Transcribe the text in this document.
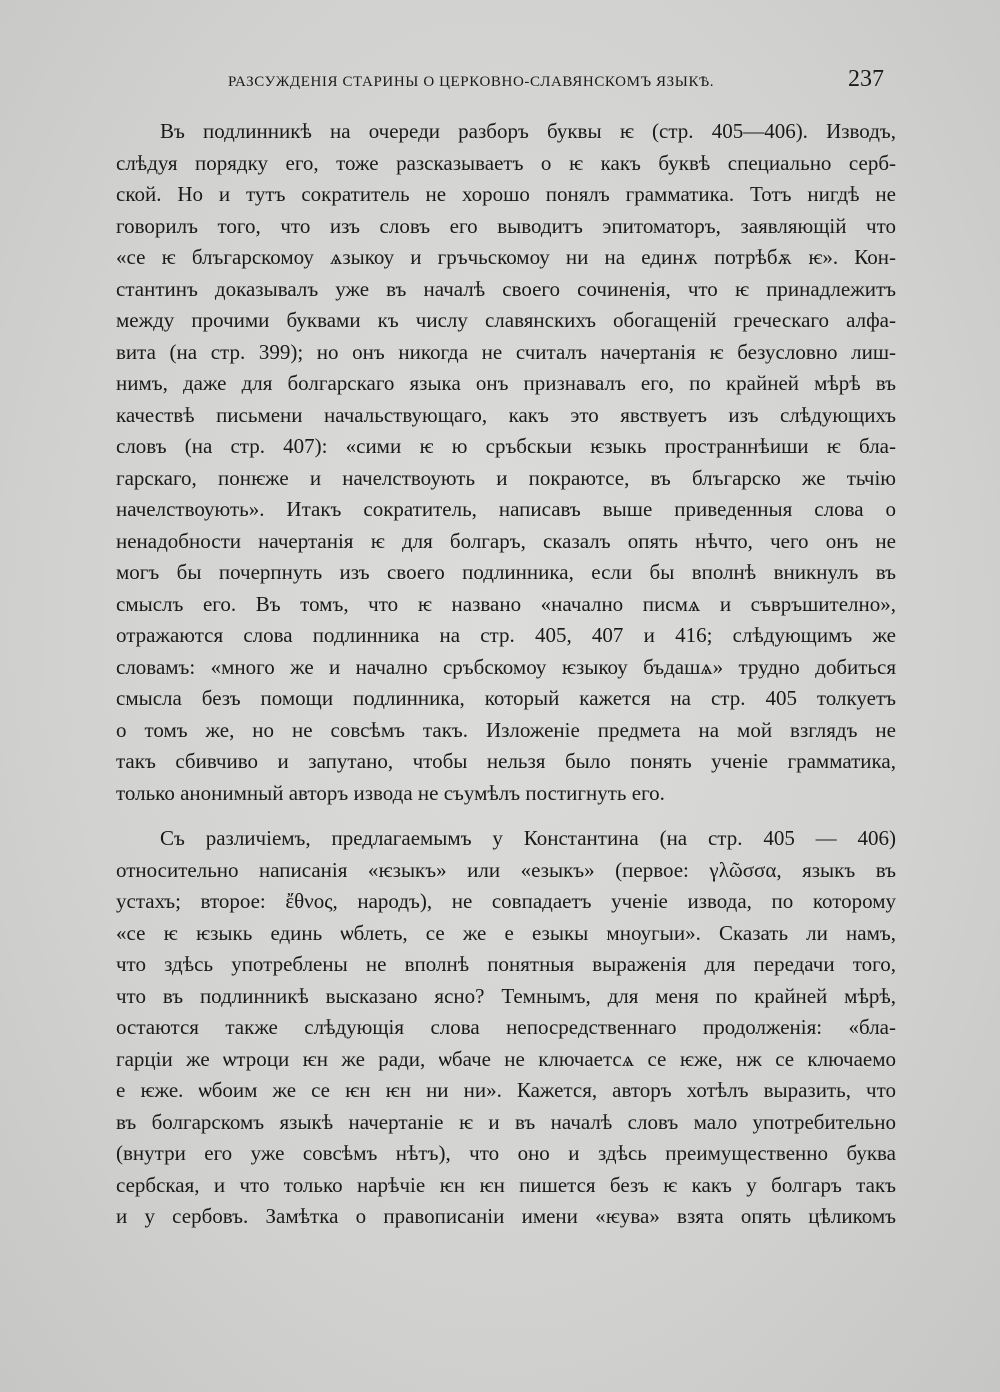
РАЗСУЖДЕНІЯ СТАРИНЫ О ЦЕРКОВНО-СЛАВЯНСКОМЪ ЯЗЫКѢ.	237
Въ подлинникѣ на очереди разборъ буквы ѥ (стр. 405—406). Изводъ,
слѣдуя порядку его, тоже разсказываетъ о ѥ какъ буквѣ специально серб-
ской. Но и тутъ сократитель не хорошо понялъ грамматика. Тотъ нигдѣ не
говорилъ того, что изъ словъ его выводитъ эпитоматоръ, заявляющій что
«се ѥ блъгарскомоу ѧзыкоу и гръчьскомоу ни на единѫ потрѣбѫ ѥ». Кон-
стантинъ доказывалъ уже въ началѣ своего сочиненія, что ѥ принадлежитъ
между прочими буквами къ числу славянскихъ обогащеній греческаго алфа-
вита (на стр. 399); но онъ никогда не считалъ начертанія ѥ безусловно лиш-
нимъ, даже для болгарскаго языка онъ признавалъ его, по крайней мѣрѣ въ
качествѣ письмени начальствующаго, какъ это явствуетъ изъ слѣдующихъ
словъ (на стр. 407): «сими ѥ ю сръбскыи ѥзыкь пространнѣиши ѥ бла-
гарскаго, понѥже и начелствоують и покраютсе, въ блъгарско же тьчію
начелствоують». Итакъ сократитель, написавъ выше приведенныя слова о
ненадобности начертанія ѥ для болгаръ, сказалъ опять нѣчто, чего онъ не
могъ бы почерпнуть изъ своего подлинника, если бы вполнѣ вникнулъ въ
смыслъ его. Въ томъ, что ѥ названо «начално писмѧ и съвръшително»,
отражаются слова подлинника на стр. 405, 407 и 416; слѣдующимъ же
словамъ: «много же и начално сръбскомоу ѥзыкоу бъдашѧ» трудно добиться
смысла безъ помощи подлинника, который кажется на стр. 405 толкуетъ
о томъ же, но не совсѣмъ такъ. Изложеніе предмета на мой взглядъ не
такъ сбивчиво и запутано, чтобы нельзя было понять ученіе грамматика,
только анонимный авторъ извода не съумѣлъ постигнуть его.
Съ различіемъ, предлагаемымъ у Константина (на стр. 405 — 406)
относительно написанія «ѥзыкъ» или «езыкъ» (первое: γλῶσσα, языкъ въ
устахъ; второе: ἔθνος, народъ), не совпадаетъ ученіе извода, по которому
«се ѥ ѥзыкь единь ѡблеть, се же е езыкы мноугыи». Сказать ли намъ,
что здѣсь употреблены не вполнѣ понятныя выраженія для передачи того,
что въ подлинникѣ высказано ясно? Темнымъ, для меня по крайней мѣрѣ,
остаются также слѣдующія слова непосредственнаго продолженія: «бла-
гарціи же ѡтроци ѥн же ради, ѡбаче не ключаетсѧ се ѥже, нж се ключаемо
е ѥже. ѡбоим же се ѥн ѥн ни ни». Кажется, авторъ хотѣлъ выразить, что
въ болгарскомъ языкѣ начертаніе ѥ и въ началѣ словъ мало употребительно
(внутри его уже совсѣмъ нѣтъ), что оно и здѣсь преимущественно буква
сербская, и что только нарѣчіе ѥн ѥн пишется безъ ѥ какъ у болгаръ такъ
и у сербовъ. Замѣтка о правописаніи имени «ѥува» взята опять цѣликомъ
